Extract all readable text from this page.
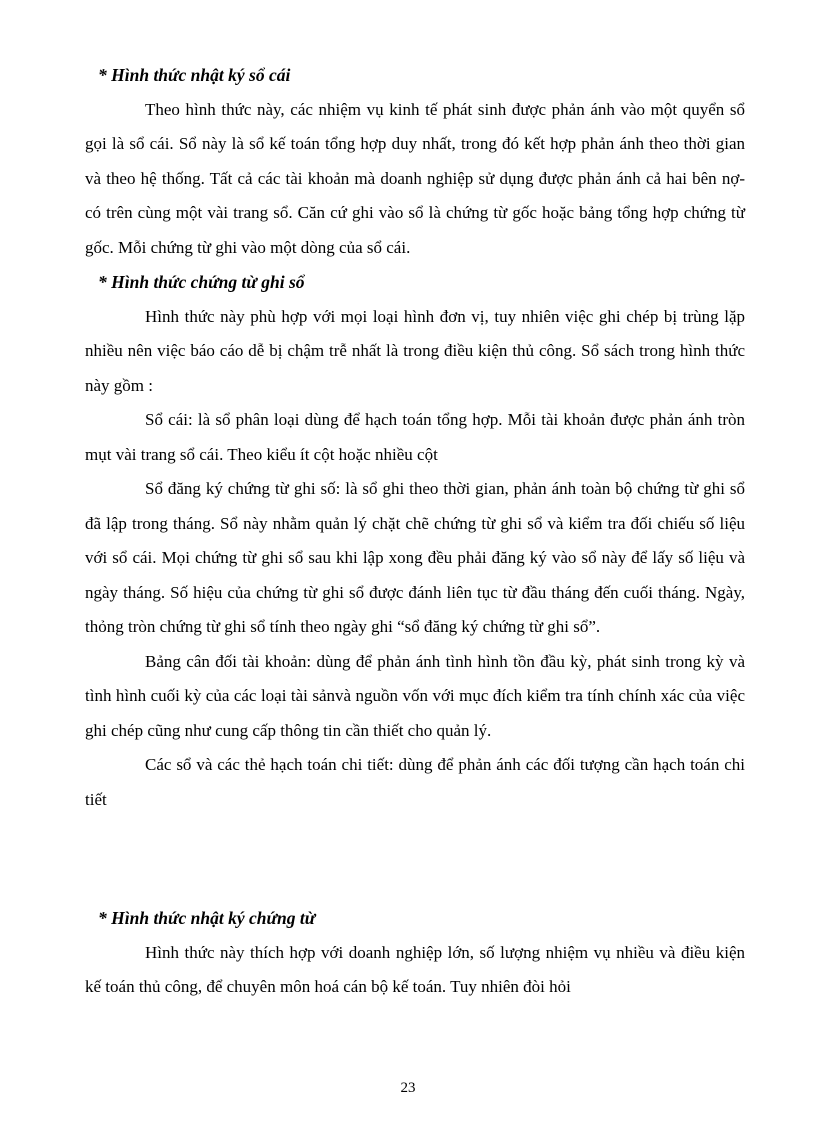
* Hình thức nhật ký sổ cái

Theo hình thức này, các nhiệm vụ kinh tế phát sinh được phản ánh vào một quyển sổ gọi là sổ cái. Sổ này là sổ kế toán tổng hợp duy nhất, trong đó kết hợp phản ánh theo thời gian và theo hệ thống. Tất cả các tài khoản mà doanh nghiệp sử dụng được phản ánh cả hai bên nợ- có trên cùng một vài trang sổ. Căn cứ ghi vào sổ là chứng từ gốc hoặc bảng tổng hợp chứng từ gốc. Mỗi chứng từ ghi vào một dòng của sổ cái.

* Hình thức chứng từ ghi sổ

Hình thức này phù hợp với mọi loại hình đơn vị, tuy nhiên việc ghi chép bị trùng lặp nhiều nên việc báo cáo dễ bị chậm trễ nhất là trong điều kiện thủ công. Sổ sách trong hình thức này gồm :

Sổ cái: là sổ phân loại dùng để hạch toán tổng hợp. Mỗi tài khoản được phản ánh tròn mụt vài trang sổ cái. Theo kiểu ít cột hoặc nhiều cột

Sổ đăng ký chứng từ ghi số: là sổ ghi theo thời gian, phản ánh toàn bộ chứng từ ghi sổ đã lập trong tháng. Sổ này nhằm quản lý chặt chẽ chứng từ ghi sổ và kiểm tra đối chiếu số liệu với sổ cái. Mọi chứng từ ghi sổ sau khi lập xong đều phải đăng ký vào sổ này để lấy số liệu và ngày tháng. Số hiệu của chứng từ ghi sổ được đánh liên tục từ đầu tháng đến cuối tháng. Ngày, thỏng tròn chứng từ ghi sổ tính theo ngày ghi “sổ đăng ký chứng từ ghi sổ”.

Bảng cân đối tài khoản: dùng để phản ánh tình hình tồn đầu kỳ, phát sinh trong kỳ và tình hình cuối kỳ của các loại tài sảnvà nguồn vốn với mục đích kiểm tra tính chính xác của việc ghi chép cũng như cung cấp thông tin cần thiết cho quản lý.

Các sổ và các thẻ hạch toán chi tiết: dùng để phản ánh các đối tượng cần hạch toán chi tiết

* Hình thức nhật ký chứng từ

Hình thức này thích hợp với doanh nghiệp lớn, số lượng nhiệm vụ nhiều và điều kiện kế toán thủ công, để chuyên môn hoá cán bộ kế toán. Tuy nhiên đòi hỏi

23
